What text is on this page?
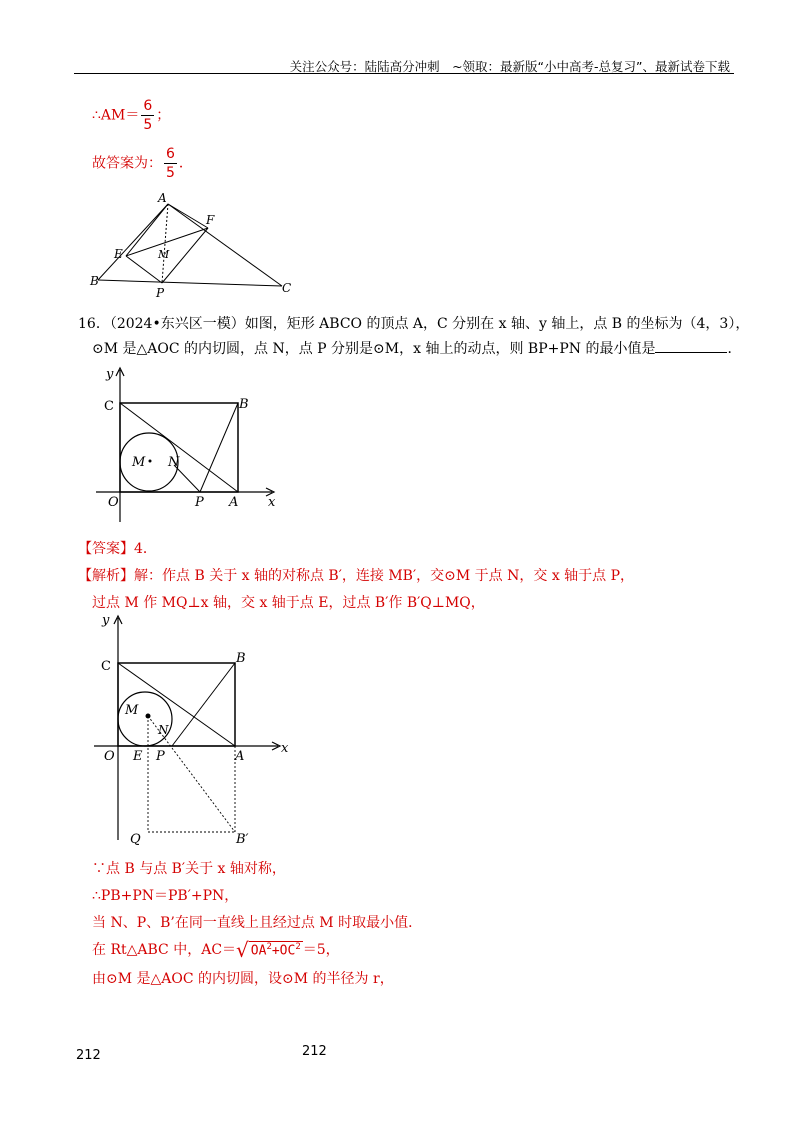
关注公众号：陆陆高分冲刺　~领取：最新版“小中高考-总复习”、最新试卷下载
∴AM＝ $\frac{6}{5}$ ；
故答案为： $\frac{6}{5}$ ．
A
F
E	M
B
P	C
16．（2024•东兴区一模）如图，矩形 ABCO 的顶点 A，C 分别在 x 轴、y 轴上，点 B 的坐标为（4，3），
⊙M 是△AOC 的内切圆，点 N，点 P 分别是⊙M，x 轴上的动点，则 BP+PN 的最小值是	．
y
C	B
M N
O	P A x
【答案】4．
【解析】解：作点 B 关于 x 轴的对称点 B′，连接 MB′，交⊙M 于点 N，交 x 轴于点 P，
过点 M 作 MQ⊥x 轴，交 x 轴于点 E，过点 B′作 B′Q⊥MQ，
y
C
B
M
N
O E P	A
x
Q	B′
∵点 B 与点 B′关于 x 轴对称，
∴PB+PN＝PB′+PN，
当 N、P、B’在同一直线上且经过点 M 时取最小值．
在 Rt△ABC 中，AC＝√ $OA^2+OC^2 =5$，
由⊙M 是△AOC 的内切圆，设⊙M 的半径为 r，
212	212
